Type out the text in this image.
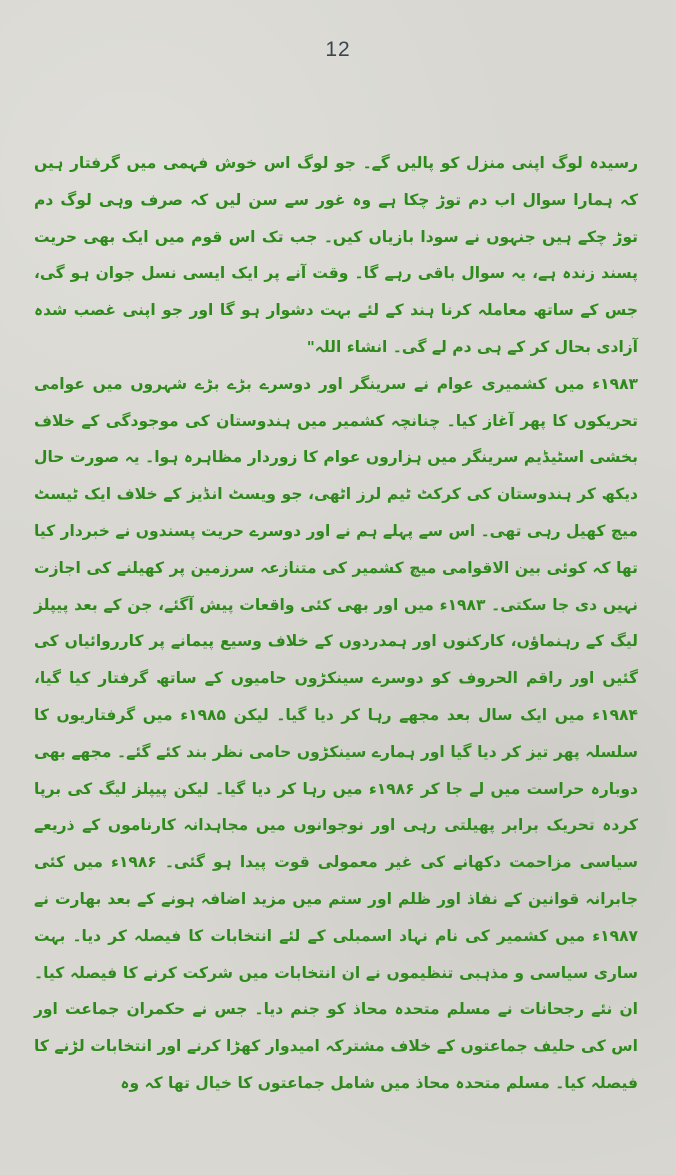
12

رسیدہ لوگ اپنی منزل کو پالیں گے۔ جو لوگ اس خوش فہمی میں گرفتار ہیں کہ ہمارا سوال اب دم توڑ چکا ہے وہ غور سے سن لیں کہ صرف وہی لوگ دم توڑ چکے ہیں جنہوں نے سودا بازیاں کیں۔ جب تک اس قوم میں ایک بھی حریت پسند زندہ ہے، یہ سوال باقی رہے گا۔ وقت آنے پر ایک ایسی نسل جوان ہو گی، جس کے ساتھ معاملہ کرنا ہند کے لئے بہت دشوار ہو گا اور جو اپنی غصب شدہ آزادی بحال کر کے ہی دم لے گی۔ انشاء اللہ"

۱۹۸۳ء میں کشمیری عوام نے سرینگر اور دوسرے بڑے بڑے شہروں میں عوامی تحریکوں کا پھر آغاز کیا۔ چنانچہ کشمیر میں ہندوستان کی موجودگی کے خلاف بخشی اسٹیڈیم سرینگر میں ہزاروں عوام کا زوردار مظاہرہ ہوا۔ یہ صورت حال دیکھ کر ہندوستان کی کرکٹ ٹیم لرز اٹھی، جو ویسٹ انڈیز کے خلاف ایک ٹیسٹ میچ کھیل رہی تھی۔ اس سے پہلے ہم نے اور دوسرے حریت پسندوں نے خبردار کیا تھا کہ کوئی بین الاقوامی میچ کشمیر کی متنازعہ سرزمین پر کھیلنے کی اجازت نہیں دی جا سکتی۔ ۱۹۸۳ء میں اور بھی کئی واقعات پیش آگئے، جن کے بعد پیپلز لیگ کے رہنماؤں، کارکنوں اور ہمدردوں کے خلاف وسیع پیمانے پر کارروائیاں کی گئیں اور راقم الحروف کو دوسرے سینکڑوں حامیوں کے ساتھ گرفتار کیا گیا، ۱۹۸۴ء میں ایک سال بعد مجھے رہا کر دیا گیا۔ لیکن ۱۹۸۵ء میں گرفتاریوں کا سلسلہ پھر تیز کر دیا گیا اور ہمارے سینکڑوں حامی نظر بند کئے گئے۔ مجھے بھی دوبارہ حراست میں لے جا کر ۱۹۸۶ء میں رہا کر دیا گیا۔ لیکن پیپلز لیگ کی برپا کردہ تحریک برابر پھیلتی رہی اور نوجوانوں میں مجاہدانہ کارناموں کے ذریعے سیاسی مزاحمت دکھانے کی غیر معمولی قوت پیدا ہو گئی۔ ۱۹۸۶ء میں کئی جابرانہ قوانین کے نفاذ اور ظلم اور ستم میں مزید اضافہ ہونے کے بعد بھارت نے ۱۹۸۷ء میں کشمیر کی نام نہاد اسمبلی کے لئے انتخابات کا فیصلہ کر دیا۔ بہت ساری سیاسی و مذہبی تنظیموں نے ان انتخابات میں شرکت کرنے کا فیصلہ کیا۔ ان نئے رجحانات نے مسلم متحدہ محاذ کو جنم دیا۔ جس نے حکمران جماعت اور اس کی حلیف جماعتوں کے خلاف مشترکہ امیدوار کھڑا کرنے اور انتخابات لڑنے کا فیصلہ کیا۔ مسلم متحدہ محاذ میں شامل جماعتوں کا خیال تھا کہ وہ
